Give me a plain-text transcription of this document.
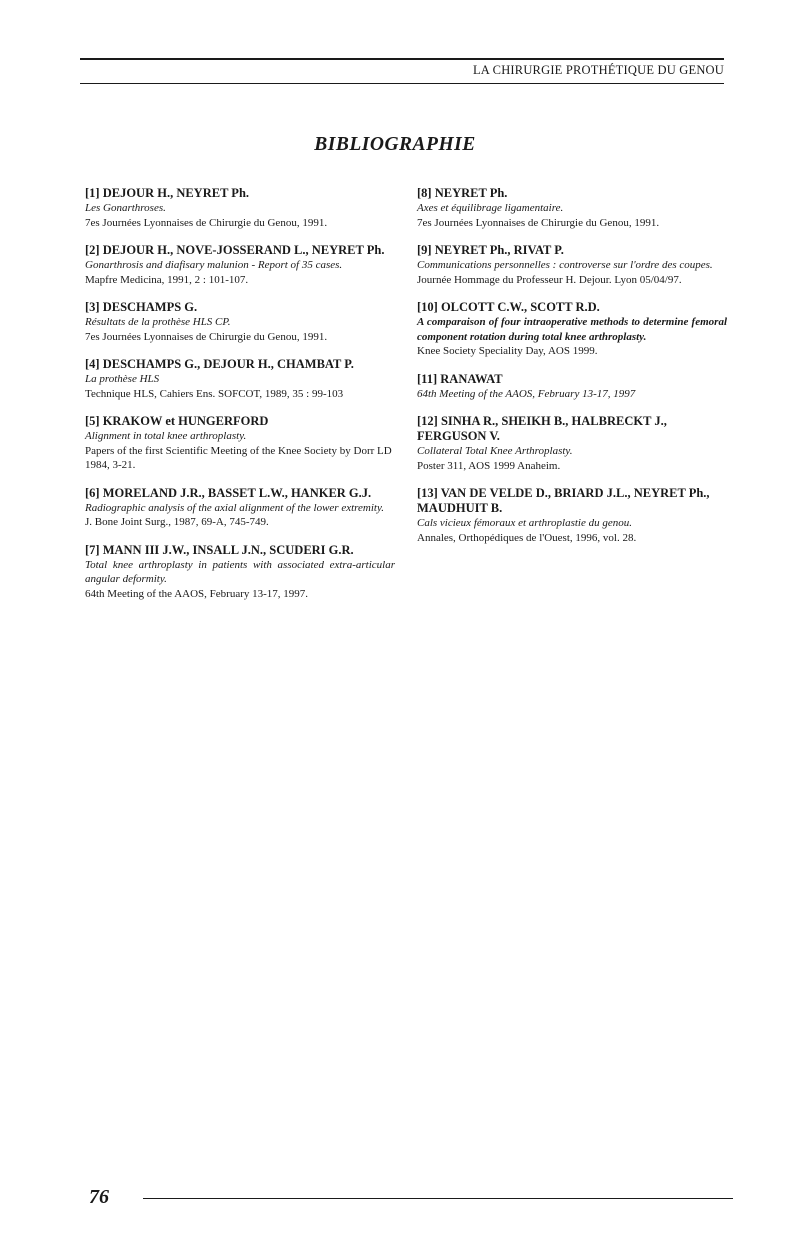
LA CHIRURGIE PROTHÉTIQUE DU GENOU
BIBLIOGRAPHIE
[1] DEJOUR H., NEYRET Ph.
Les Gonarthroses.
7es Journées Lyonnaises de Chirurgie du Genou, 1991.
[2] DEJOUR H., NOVE-JOSSERAND L., NEYRET Ph.
Gonarthrosis and diafisary malunion - Report of 35 cases.
Mapfre Medicina, 1991, 2 : 101-107.
[3] DESCHAMPS G.
Résultats de la prothèse HLS CP.
7es Journées Lyonnaises de Chirurgie du Genou, 1991.
[4] DESCHAMPS G., DEJOUR H., CHAMBAT P.
La prothèse HLS
Technique HLS, Cahiers Ens. SOFCOT, 1989, 35 : 99-103
[5] KRAKOW et HUNGERFORD
Alignment in total knee arthroplasty.
Papers of the first Scientific Meeting of the Knee Society by Dorr LD 1984, 3-21.
[6] MORELAND J.R., BASSET L.W., HANKER G.J.
Radiographic analysis of the axial alignment of the lower extremity.
J. Bone Joint Surg., 1987, 69-A, 745-749.
[7] MANN III J.W., INSALL J.N., SCUDERI G.R.
Total knee arthroplasty in patients with associated extra-articular angular deformity.
64th Meeting of the AAOS, February 13-17, 1997.
[8] NEYRET Ph.
Axes et équilibrage ligamentaire.
7es Journées Lyonnaises de Chirurgie du Genou, 1991.
[9] NEYRET Ph., RIVAT P.
Communications personnelles : controverse sur l'ordre des coupes.
Journée Hommage du Professeur H. Dejour. Lyon 05/04/97.
[10] OLCOTT C.W., SCOTT R.D.
A comparaison of four intraoperative methods to determine femoral component rotation during total knee arthroplasty.
Knee Society Speciality Day, AOS 1999.
[11] RANAWAT
64th Meeting of the AAOS, February 13-17, 1997
[12] SINHA R., SHEIKH B., HALBRECKT J., FERGUSON V.
Collateral Total Knee Arthroplasty.
Poster 311, AOS 1999 Anaheim.
[13] VAN DE VELDE D., BRIARD J.L., NEYRET Ph., MAUDHUIT B.
Cals vicieux fémoraux et arthroplastie du genou.
Annales, Orthopédiques de l'Ouest, 1996, vol. 28.
76
